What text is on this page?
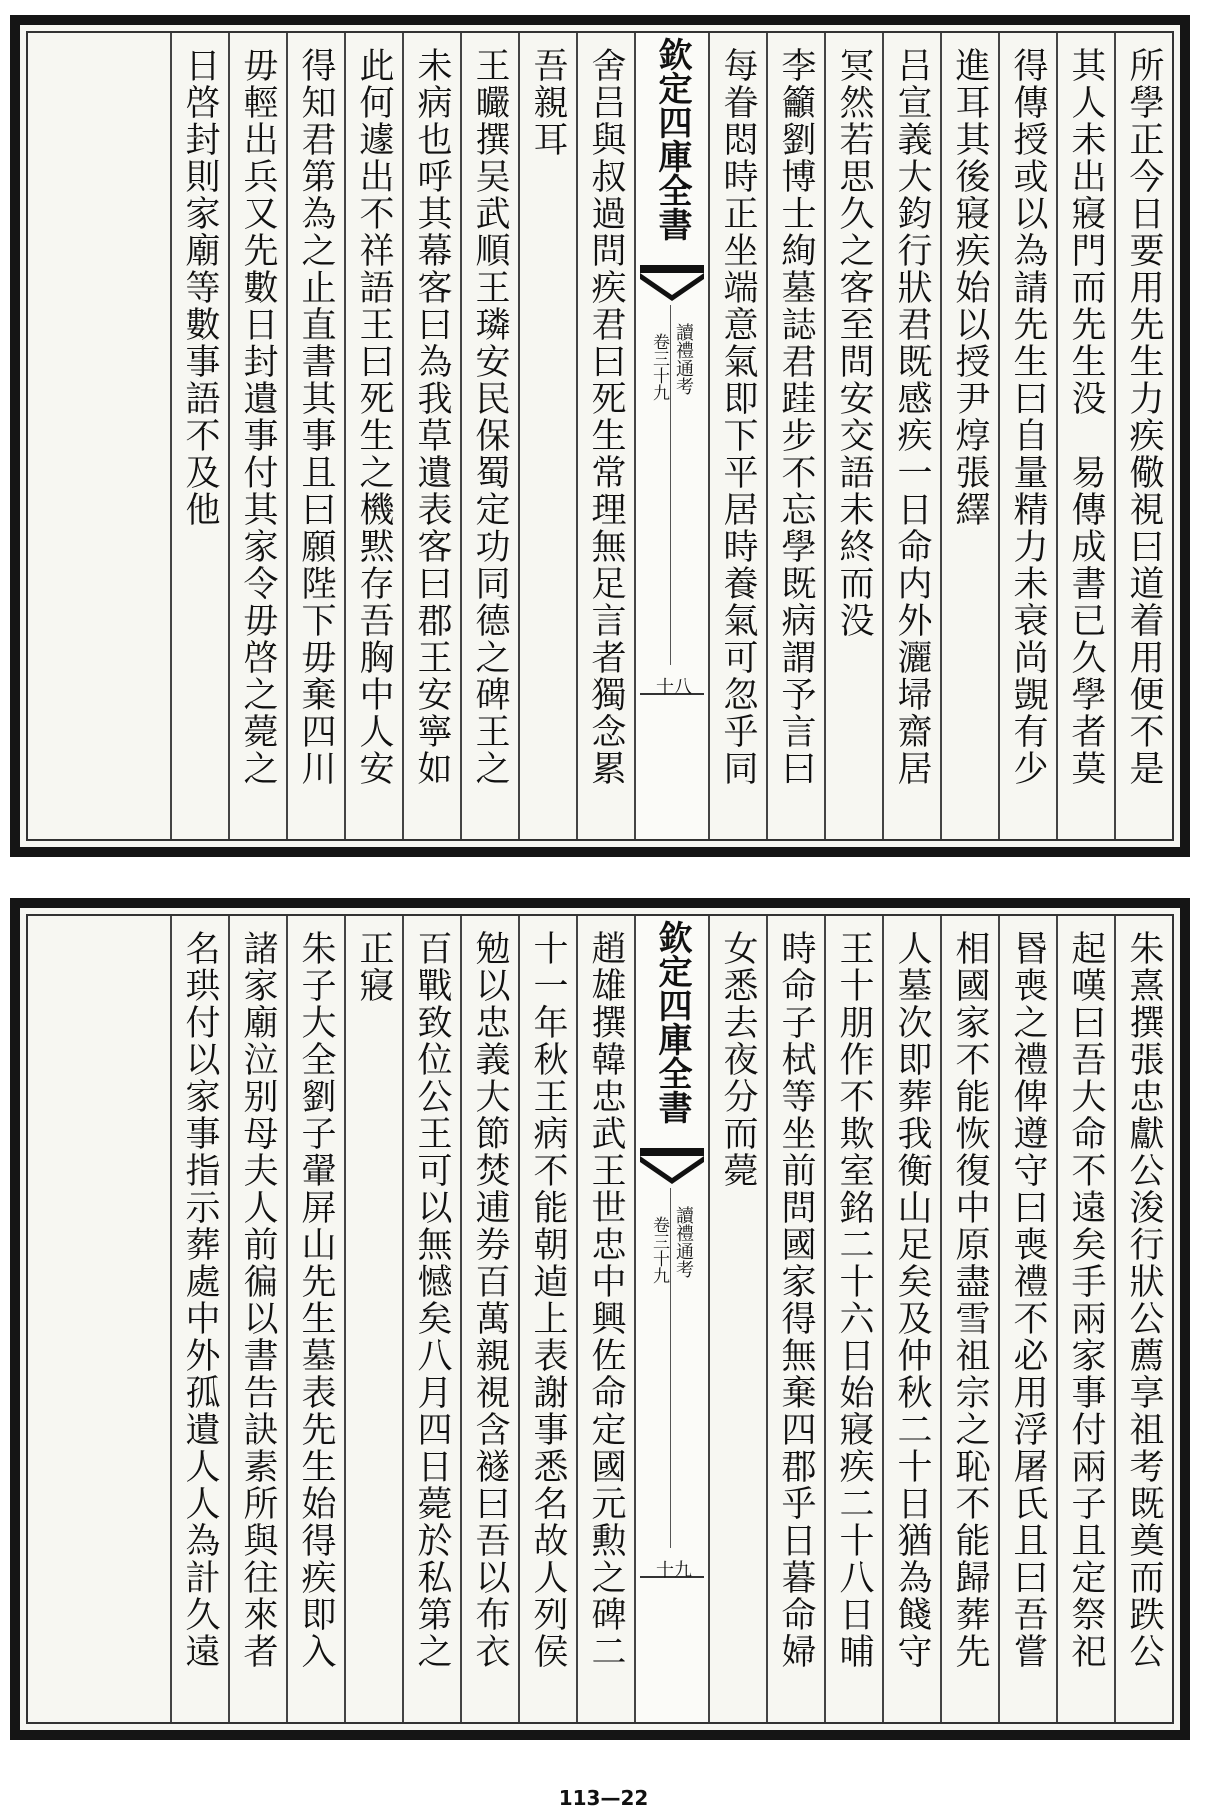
所學正今日要用先生力疾儆視曰道着用便不是
其人未出寢門而先生没　易傳成書已久學者莫
得傳授或以為請先生曰自量精力未衰尚覬有少
進耳其後寢疾始以授尹焞張繹
吕宣義大鈞行狀君既感疾一日命内外灑埽齋居
冥然若思久之客至問安交語未終而没
李籲劉博士絢墓誌君跬步不忘學既病謂予言曰
每眷悶時正坐端意氣即下平居時養氣可忽乎同
欽定四庫全書
讀禮通考
卷三十九
十八
舍吕與叔過問疾君曰死生常理無足言者獨念累
吾親耳
王曮撰吴武順王璘安民保蜀定功同德之碑王之
未病也呼其幕客曰為我草遺表客曰郡王安寧如
此何遽出不祥語王曰死生之機黙存吾胸中人安
得知君第為之止直書其事且曰願陛下毋棄四川
毋輕出兵又先數日封遺事付其家令毋啓之薨之
日啓封則家廟等數事語不及他
朱熹撰張忠獻公浚行狀公薦享祖考既奠而跌公
起嘆曰吾大命不遠矣手兩家事付兩子且定祭祀
昬喪之禮俾遵守曰喪禮不必用浮屠氏且曰吾嘗
相國家不能恢復中原盡雪祖宗之恥不能歸葬先
人墓次即葬我衡山足矣及仲秋二十日猶為餞守
王十朋作不欺室銘二十六日始寢疾二十八日晡
時命子栻等坐前問國家得無棄四郡乎日暮命婦
女悉去夜分而薨
欽定四庫全書
讀禮通考
卷三十九
十九
趙雄撰韓忠武王世忠中興佐命定國元勲之碑二
十一年秋王病不能朝逌上表謝事悉名故人列侯
勉以忠義大節焚逋券百萬親視含襚曰吾以布衣
百戰致位公王可以無憾矣八月四日薨於私第之
正寢
朱子大全劉子翬屏山先生墓表先生始得疾即入
諸家廟泣别母夫人前徧以書告訣素所與往來者
名珙付以家事指示葬處中外孤遺人人為計久遠
113—22
